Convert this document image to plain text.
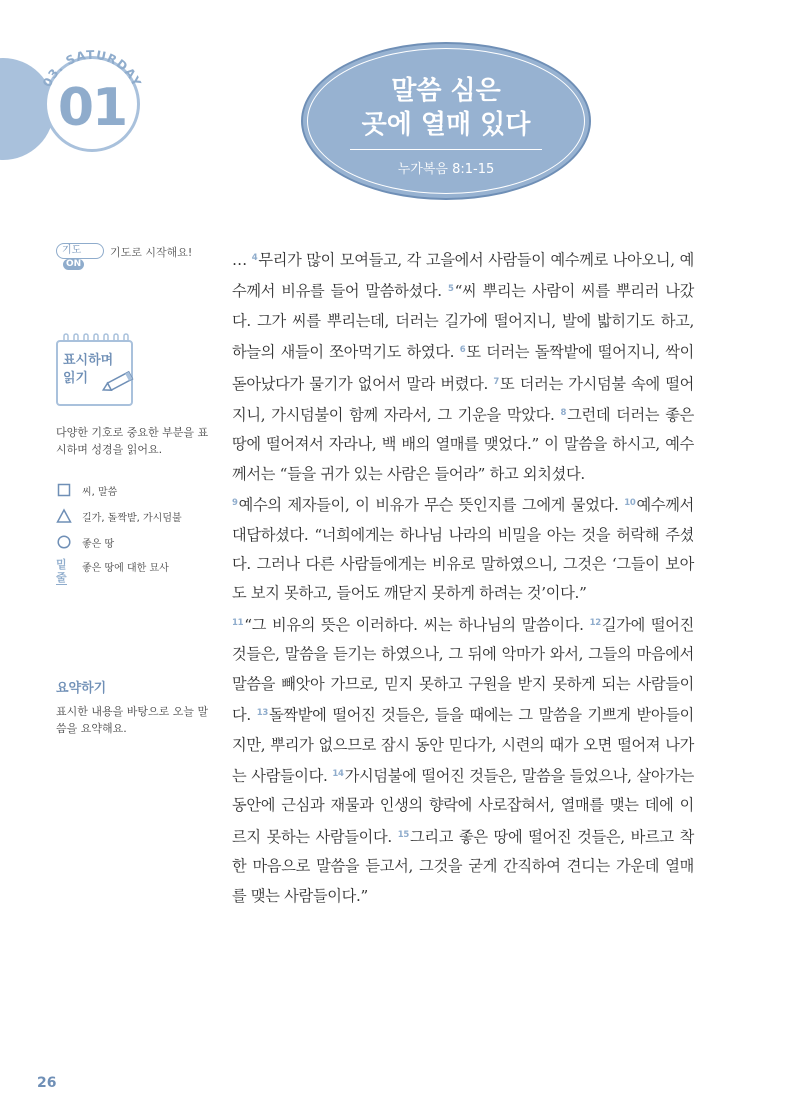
03. SATURDAY
01	말씀 심은
곳에 열매 있다
누가복음 8:1-15
기도ON
기도로 시작해요!
표시하며
읽기
다양한 기호로 중요한 부분을 표시하며 성경을 읽어요.
씨, 말씀
길가, 돌짝밭, 가시덤불
좋은 땅
밑줄
좋은 땅에 대한 묘사
요약하기
표시한 내용을 바탕으로 오늘 말씀을 요약해요.

… $^4$무리가 많이 모여들고, 각 고을에서 사람들이 예수께로 나아오니, 예수께서 비유를 들어 말씀하셨다. $^5$“씨 뿌리는 사람이 씨를 뿌리러 나갔다. 그가 씨를 뿌리는데, 더러는 길가에 떨어지니, 발에 밟히기도 하고, 하늘의 새들이 쪼아먹기도 하였다. $^6$또 더러는 돌짝밭에 떨어지니, 싹이 돋아났다가 물기가 없어서 말라 버렸다. $^7$또 더러는 가시덤불 속에 떨어지니, 가시덤불이 함께 자라서, 그 기운을 막았다. $^8$그런데 더러는 좋은 땅에 떨어져서 자라나, 백 배의 열매를 맺었다.” 이 말씀을 하시고, 예수께서는 “들을 귀가 있는 사람은 들어라” 하고 외치셨다.

$^9$예수의 제자들이, 이 비유가 무슨 뜻인지를 그에게 물었다. $^{10}$예수께서 대답하셨다. “너희에게는 하나님 나라의 비밀을 아는 것을 허락해 주셨다. 그러나 다른 사람들에게는 비유로 말하였으니, 그것은 ‘그들이 보아도 보지 못하고, 들어도 깨닫지 못하게 하려는 것’이다.”

$^{11}$“그 비유의 뜻은 이러하다. 씨는 하나님의 말씀이다. $^{12}$길가에 떨어진 것들은, 말씀을 듣기는 하였으나, 그 뒤에 악마가 와서, 그들의 마음에서 말씀을 빼앗아 가므로, 믿지 못하고 구원을 받지 못하게 되는 사람들이다. $^{13}$돌짝밭에 떨어진 것들은, 들을 때에는 그 말씀을 기쁘게 받아들이지만, 뿌리가 없으므로 잠시 동안 믿다가, 시련의 때가 오면 떨어져 나가는 사람들이다. $^{14}$가시덤불에 떨어진 것들은, 말씀을 들었으나, 살아가는 동안에 근심과 재물과 인생의 향락에 사로잡혀서, 열매를 맺는 데에 이르지 못하는 사람들이다. $^{15}$그리고 좋은 땅에 떨어진 것들은, 바르고 착한 마음으로 말씀을 듣고서, 그것을 굳게 간직하여 견디는 가운데 열매를 맺는 사람들이다.”

26
